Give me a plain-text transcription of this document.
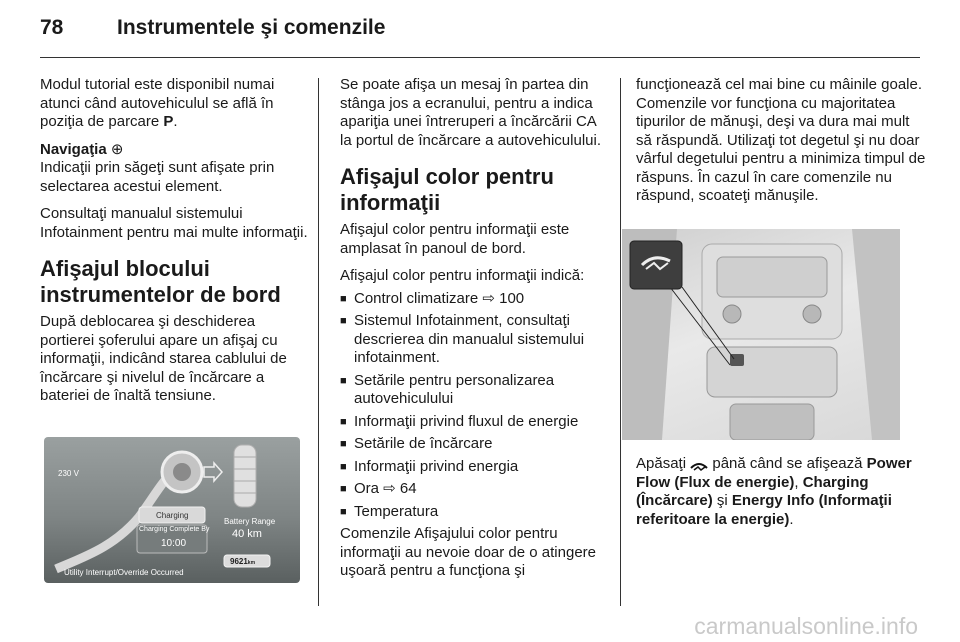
78	Instrumentele şi comenzile

Modul tutorial este disponibil numai atunci când autovehiculul se află în poziţia de parcare P.

Navigaţia ⊕

Indicaţii prin săgeţi sunt afişate prin selectarea acestui element.

Consultaţi manualul sistemului Infotainment pentru mai multe informaţii.

Afişajul blocului instrumentelor de bord

După deblocarea şi deschiderea portierei şoferului apare un afişaj cu informaţii, indicând starea cablului de încărcare şi nivelul de încărcare a bateriei de înaltă tensiune.

230 V
Charging
Charging Complete By
10:00
Battery Range
40 km
9621km
Utility Interrupt/Override Occurred

Se poate afişa un mesaj în partea din stânga jos a ecranului, pentru a indica apariţia unei întreruperi a încărcării CA la portul de încărcare a autovehiculului.

Afişajul color pentru informaţii

Afişajul color pentru informaţii este amplasat în panoul de bord.

Afişajul color pentru informaţii indică:

■ Control climatizare ⇨ 100
■ Sistemul Infotainment, consultaţi descrierea din manualul sistemului infotainment.
■ Setările pentru personalizarea autovehiculului
■ Informaţii privind fluxul de energie
■ Setările de încărcare
■ Informaţii privind energia
■ Ora ⇨ 64
■ Temperatura

Comenzile Afişajului color pentru informaţii au nevoie doar de o atingere uşoară pentru a funcţiona şi

funcţionează cel mai bine cu mâinile goale. Comenzile vor funcţiona cu majoritatea tipurilor de mănuşi, deşi va dura mai mult să răspundă. Utilizaţi tot degetul şi nu doar vârful degetului pentru a minimiza timpul de răspuns. În cazul în care comenzile nu răspund, scoateţi mănuşile.

Apăsaţi  până când se afişează Power Flow (Flux de energie), Charging (Încărcare) şi Energy Info (Informaţii referitoare la energie).

carmanualsonline.info
